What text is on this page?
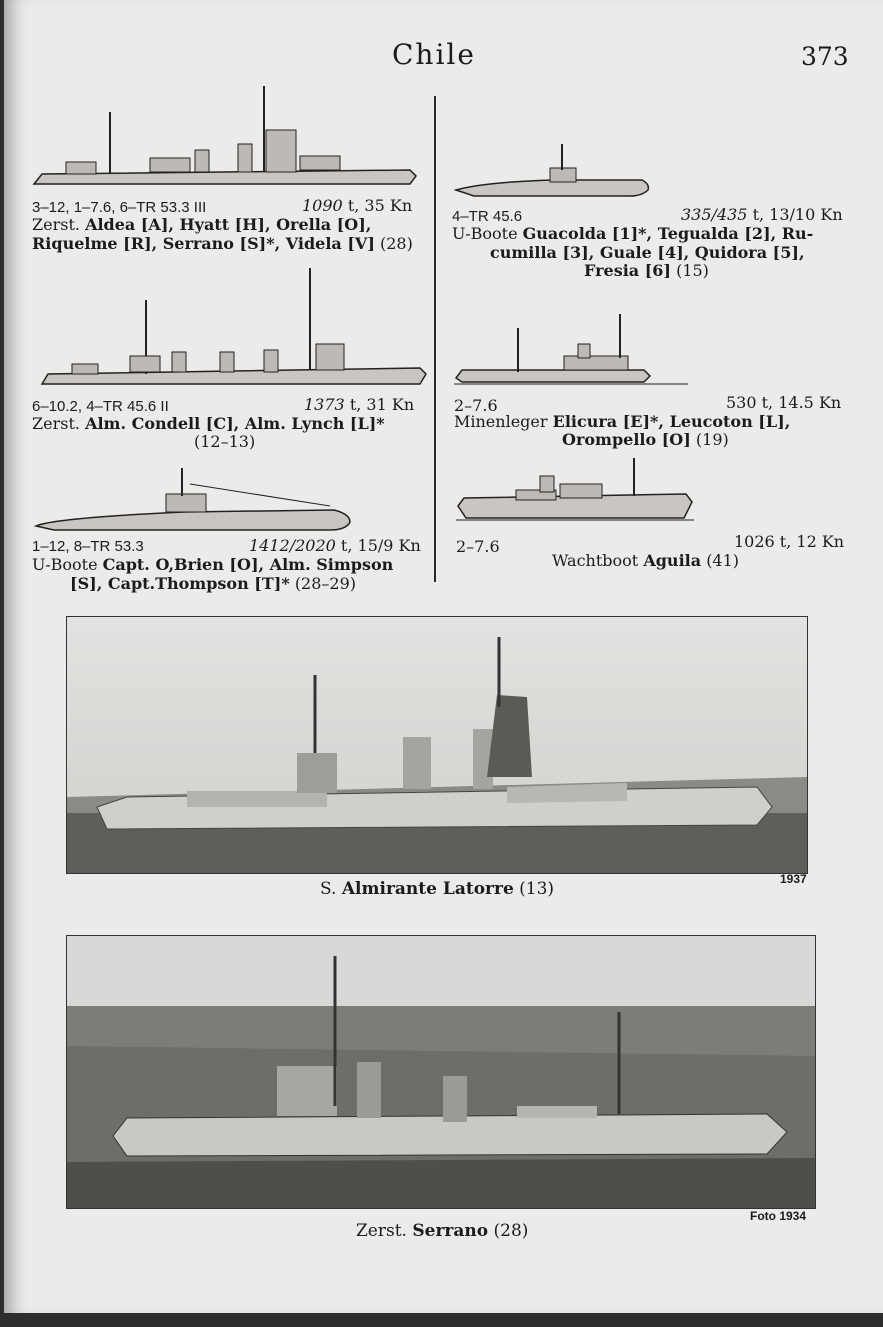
Chile	373
3–12, 1–7.6, 6–TR 53.3 III	1090 t, 35 Kn
Zerst. Aldea [A], Hyatt [H], Orella [O],
Riquelme [R], Serrano [S]*, Videla [V] (28)
6–10.2, 4–TR 45.6 II	1373 t, 31 Kn
Zerst. Alm. Condell [C], Alm. Lynch [L]*
(12–13)
1–12, 8–TR 53.3	1412/2020 t, 15/9 Kn
U-Boote Capt. O,Brien [O], Alm. Simpson
[S], Capt.Thompson [T]* (28–29)
4–TR 45.6	335/435 t, 13/10 Kn
U-Boote Guacolda [1]*, Tegualda [2], Ru-
cumilla [3], Guale [4], Quidora [5],
Fresia [6] (15)
2–7.6	530 t, 14.5 Kn
Minenleger Elicura [E]*, Leucoton [L],
Orompello [O] (19)
2–7.6	1026 t, 12 Kn
Wachtboot Aguila (41)
S. Almirante Latorre (13)	1937
Zerst. Serrano (28)
Foto 1934
